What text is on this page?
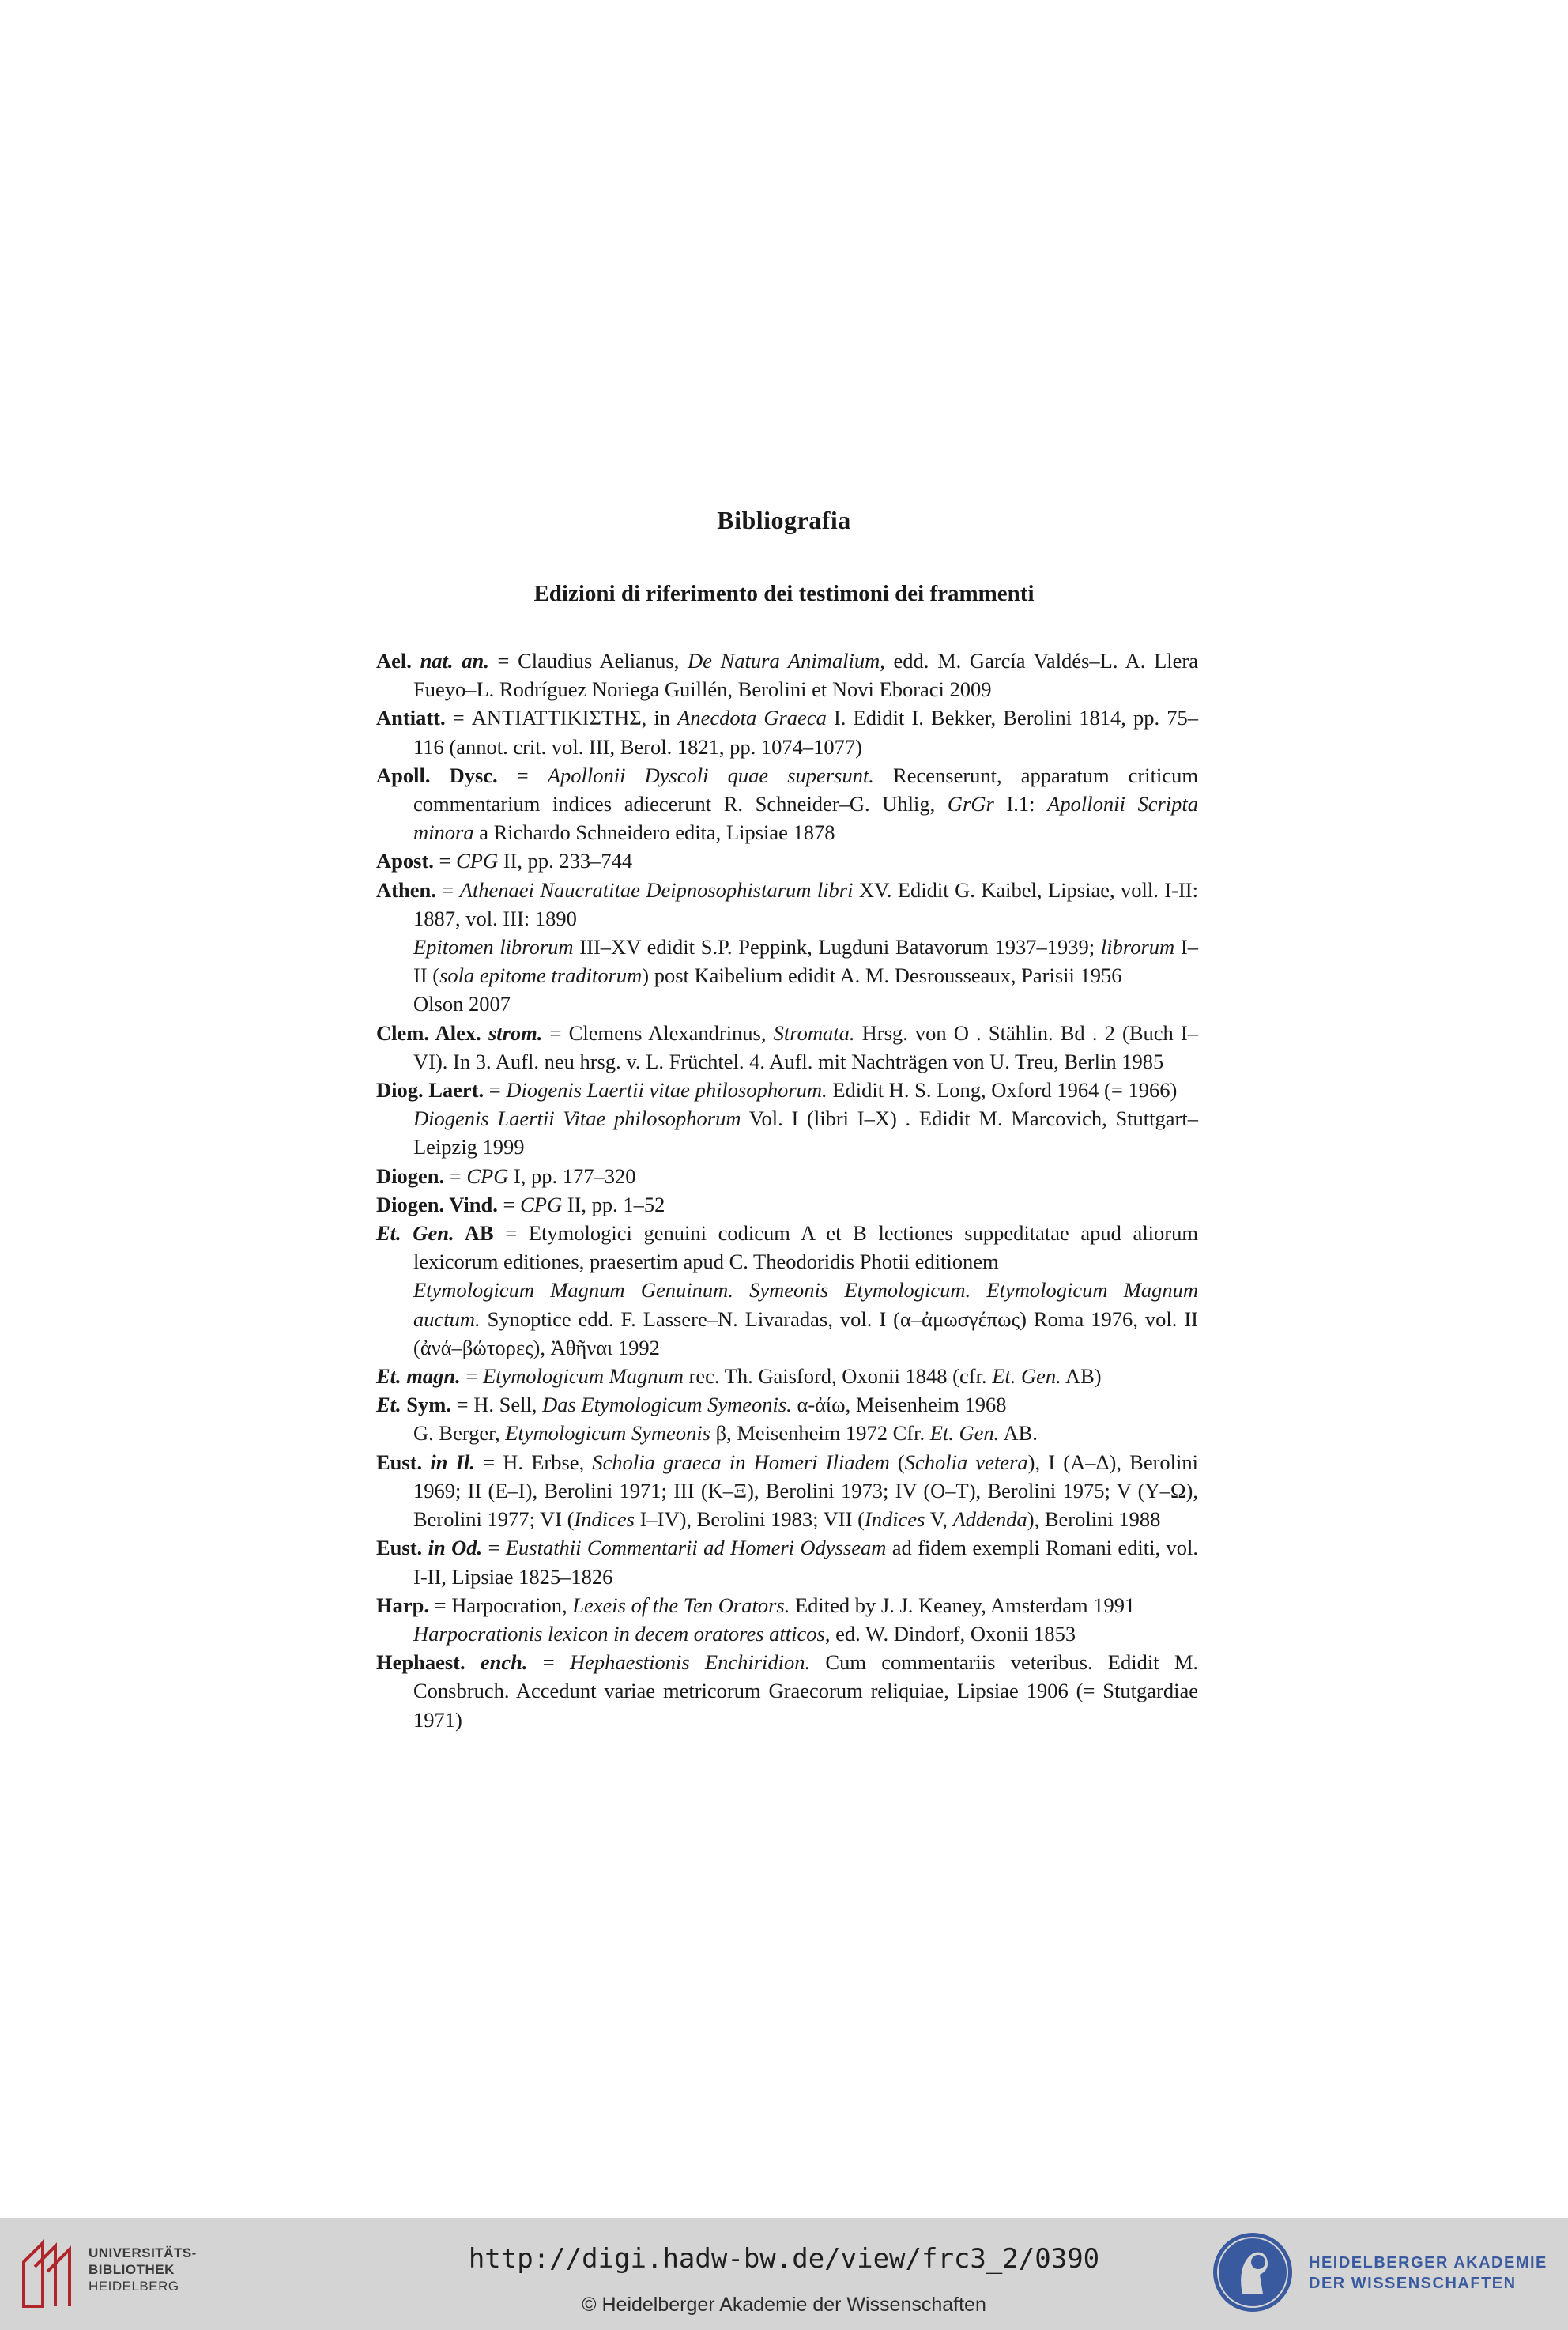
Bibliografia
Edizioni di riferimento dei testimoni dei frammenti
Ael. nat. an. = Claudius Aelianus, De Natura Animalium, edd. M. García Valdés–L. A. Llera Fueyo–L. Rodríguez Noriega Guillén, Berolini et Novi Eboraci 2009
Antiatt. = ΑΝΤΙΑΤΤΙΚΙΣΤΗΣ, in Anecdota Graeca I. Edidit I. Bekker, Berolini 1814, pp. 75–116 (annot. crit. vol. III, Berol. 1821, pp. 1074–1077)
Apoll. Dysc. = Apollonii Dyscoli quae supersunt. Recenserunt, apparatum criticum commentarium indices adiecerunt R. Schneider–G. Uhlig, GrGr I.1: Apollonii Scripta minora a Richardo Schneidero edita, Lipsiae 1878
Apost. = CPG II, pp. 233–744
Athen. = Athenaei Naucratitae Deipnosophistarum libri XV. Edidit G. Kaibel, Lipsiae, voll. I-II: 1887, vol. III: 1890
Epitomen librorum III–XV edidit S.P. Peppink, Lugduni Batavorum 1937–1939; librorum I–II (sola epitome traditorum) post Kaibelium edidit A. M. Desrousseaux, Parisii 1956
Olson 2007
Clem. Alex. strom. = Clemens Alexandrinus, Stromata. Hrsg. von O . Stählin. Bd . 2 (Buch I–VI). In 3. Aufl. neu hrsg. v. L. Früchtel. 4. Aufl. mit Nachträgen von U. Treu, Berlin 1985
Diog. Laert. = Diogenis Laertii vitae philosophorum. Edidit H. S. Long, Oxford 1964 (= 1966)
Diogenis Laertii Vitae philosophorum Vol. I (libri I–X) . Edidit M. Marcovich, Stuttgart–Leipzig 1999
Diogen. = CPG I, pp. 177–320
Diogen. Vind. = CPG II, pp. 1–52
Et. Gen. AB = Etymologici genuini codicum A et B lectiones suppeditatae apud aliorum lexicorum editiones, praesertim apud C. Theodoridis Photii editionem
Etymologicum Magnum Genuinum. Symeonis Etymologicum. Etymologicum Magnum auctum. Synoptice edd. F. Lassere–N. Livaradas, vol. I (α–ἀμωσγέπως) Roma 1976, vol. II (ἀνά–βώτορες), Ἀθῆναι 1992
Et. magn. = Etymologicum Magnum rec. Th. Gaisford, Oxonii 1848 (cfr. Et. Gen. AB)
Et. Sym. = H. Sell, Das Etymologicum Symeonis. α-ἀίω, Meisenheim 1968
G. Berger, Etymologicum Symeonis β, Meisenheim 1972 Cfr. Et. Gen. AB.
Eust. in Il. = H. Erbse, Scholia graeca in Homeri Iliadem (Scholia vetera), I (A–Δ), Berolini 1969; II (E–I), Berolini 1971; III (K–Ξ), Berolini 1973; IV (O–T), Berolini 1975; V (Y–Ω), Berolini 1977; VI (Indices I–IV), Berolini 1983; VII (Indices V, Addenda), Berolini 1988
Eust. in Od. = Eustathii Commentarii ad Homeri Odysseam ad fidem exempli Romani editi, vol. I-II, Lipsiae 1825–1826
Harp. = Harpocration, Lexeis of the Ten Orators. Edited by J. J. Keaney, Amsterdam 1991
Harpocrationis lexicon in decem oratores atticos, ed. W. Dindorf, Oxonii 1853
Hephaest. ench. = Hephaestionis Enchiridion. Cum commentariis veteribus. Edidit M. Consbruch. Accedunt variae metricorum Graecorum reliquiae, Lipsiae 1906 (= Stutgardiae 1971)
UNIVERSITÄTS-
BIBLIOTHEK
HEIDELBERG
http://digi.hadw-bw.de/view/frc3_2/0390
© Heidelberger Akademie der Wissenschaften
HEIDELBERGER AKADEMIE
DER WISSENSCHAFTEN
